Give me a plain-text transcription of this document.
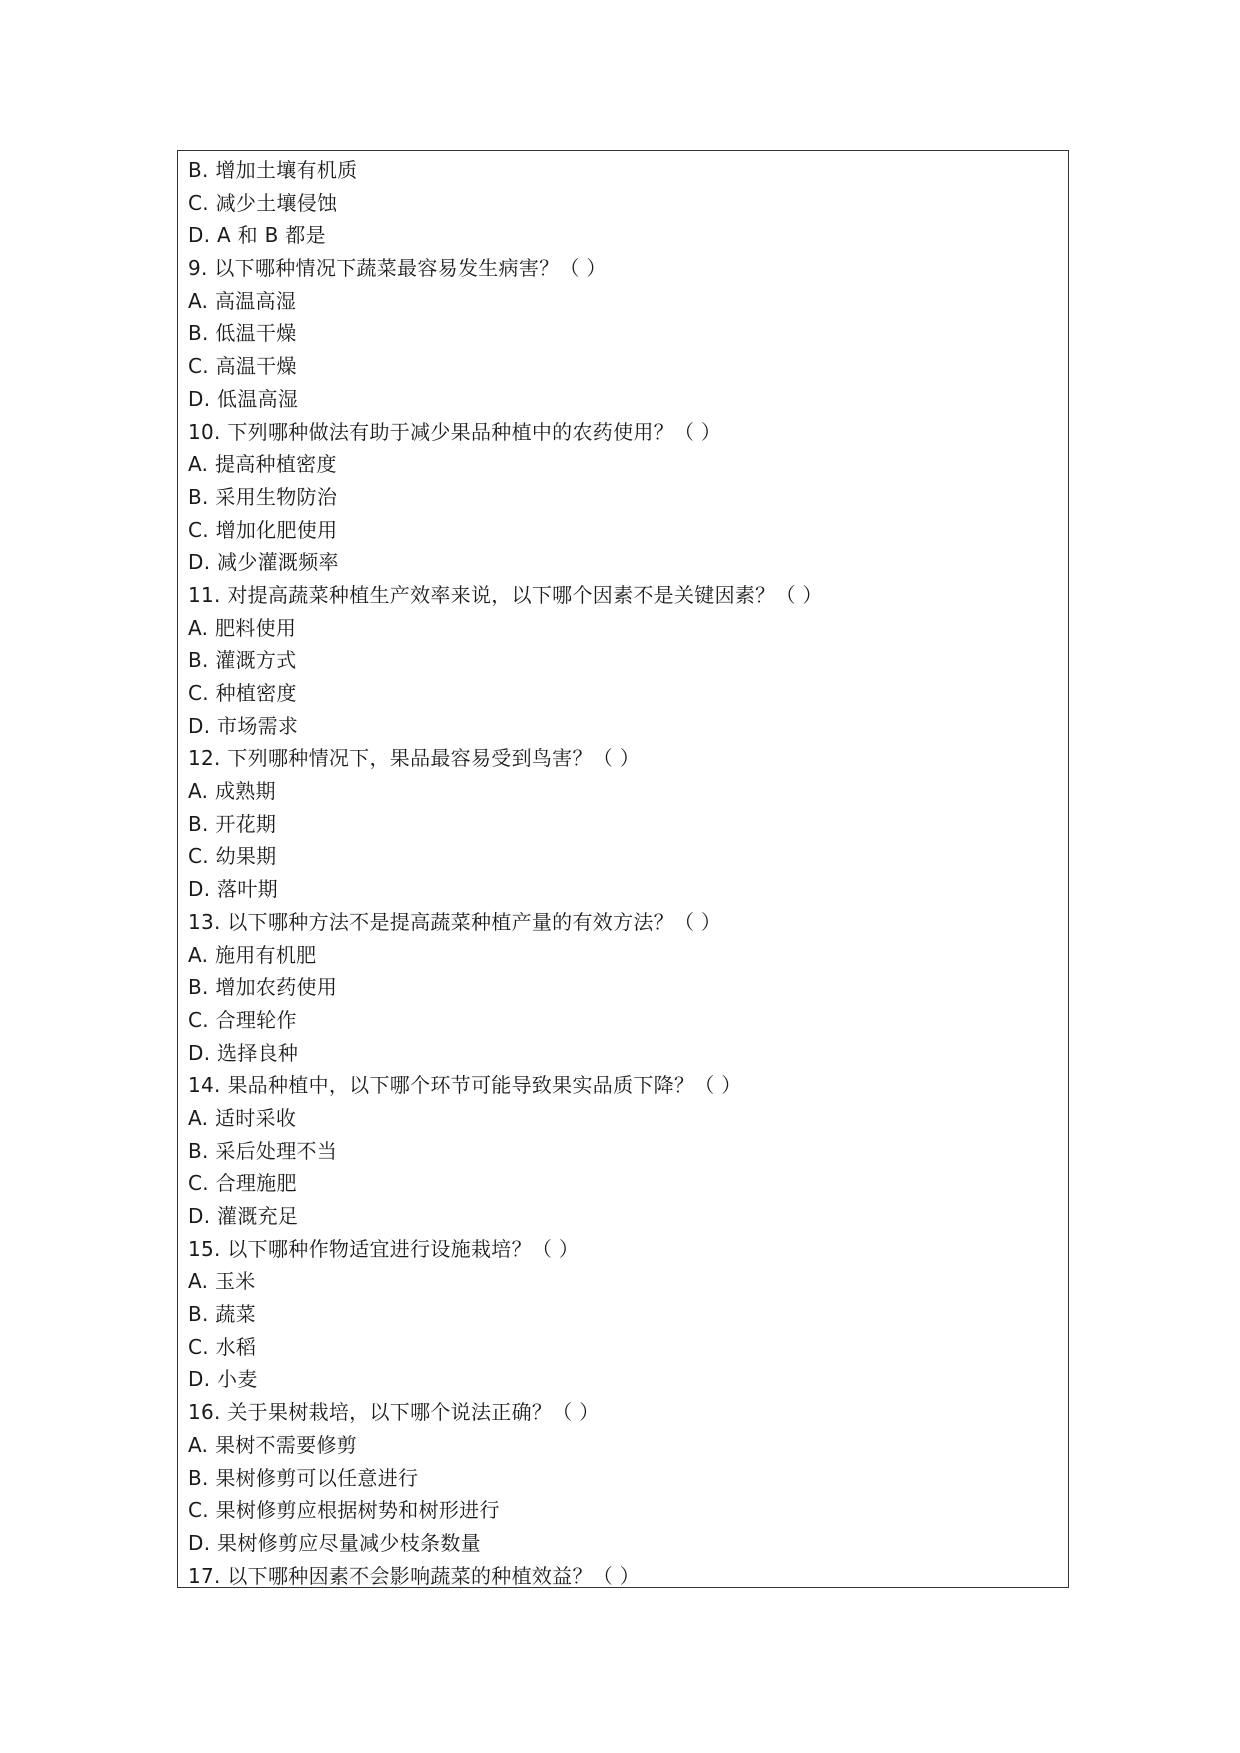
B. 增加土壤有机质
C. 减少土壤侵蚀
D. A 和 B 都是
9. 以下哪种情况下蔬菜最容易发生病害？（ ）
A. 高温高湿
B. 低温干燥
C. 高温干燥
D. 低温高湿
10. 下列哪种做法有助于减少果品种植中的农药使用？（ ）
A. 提高种植密度
B. 采用生物防治
C. 增加化肥使用
D. 减少灌溉频率
11. 对提高蔬菜种植生产效率来说，以下哪个因素不是关键因素？（ ）
A. 肥料使用
B. 灌溉方式
C. 种植密度
D. 市场需求
12. 下列哪种情况下，果品最容易受到鸟害？（ ）
A. 成熟期
B. 开花期
C. 幼果期
D. 落叶期
13. 以下哪种方法不是提高蔬菜种植产量的有效方法？（ ）
A. 施用有机肥
B. 增加农药使用
C. 合理轮作
D. 选择良种
14. 果品种植中，以下哪个环节可能导致果实品质下降？（ ）
A. 适时采收
B. 采后处理不当
C. 合理施肥
D. 灌溉充足
15. 以下哪种作物适宜进行设施栽培？（ ）
A. 玉米
B. 蔬菜
C. 水稻
D. 小麦
16. 关于果树栽培，以下哪个说法正确？（ ）
A. 果树不需要修剪
B. 果树修剪可以任意进行
C. 果树修剪应根据树势和树形进行
D. 果树修剪应尽量减少枝条数量
17. 以下哪种因素不会影响蔬菜的种植效益？（ ）
